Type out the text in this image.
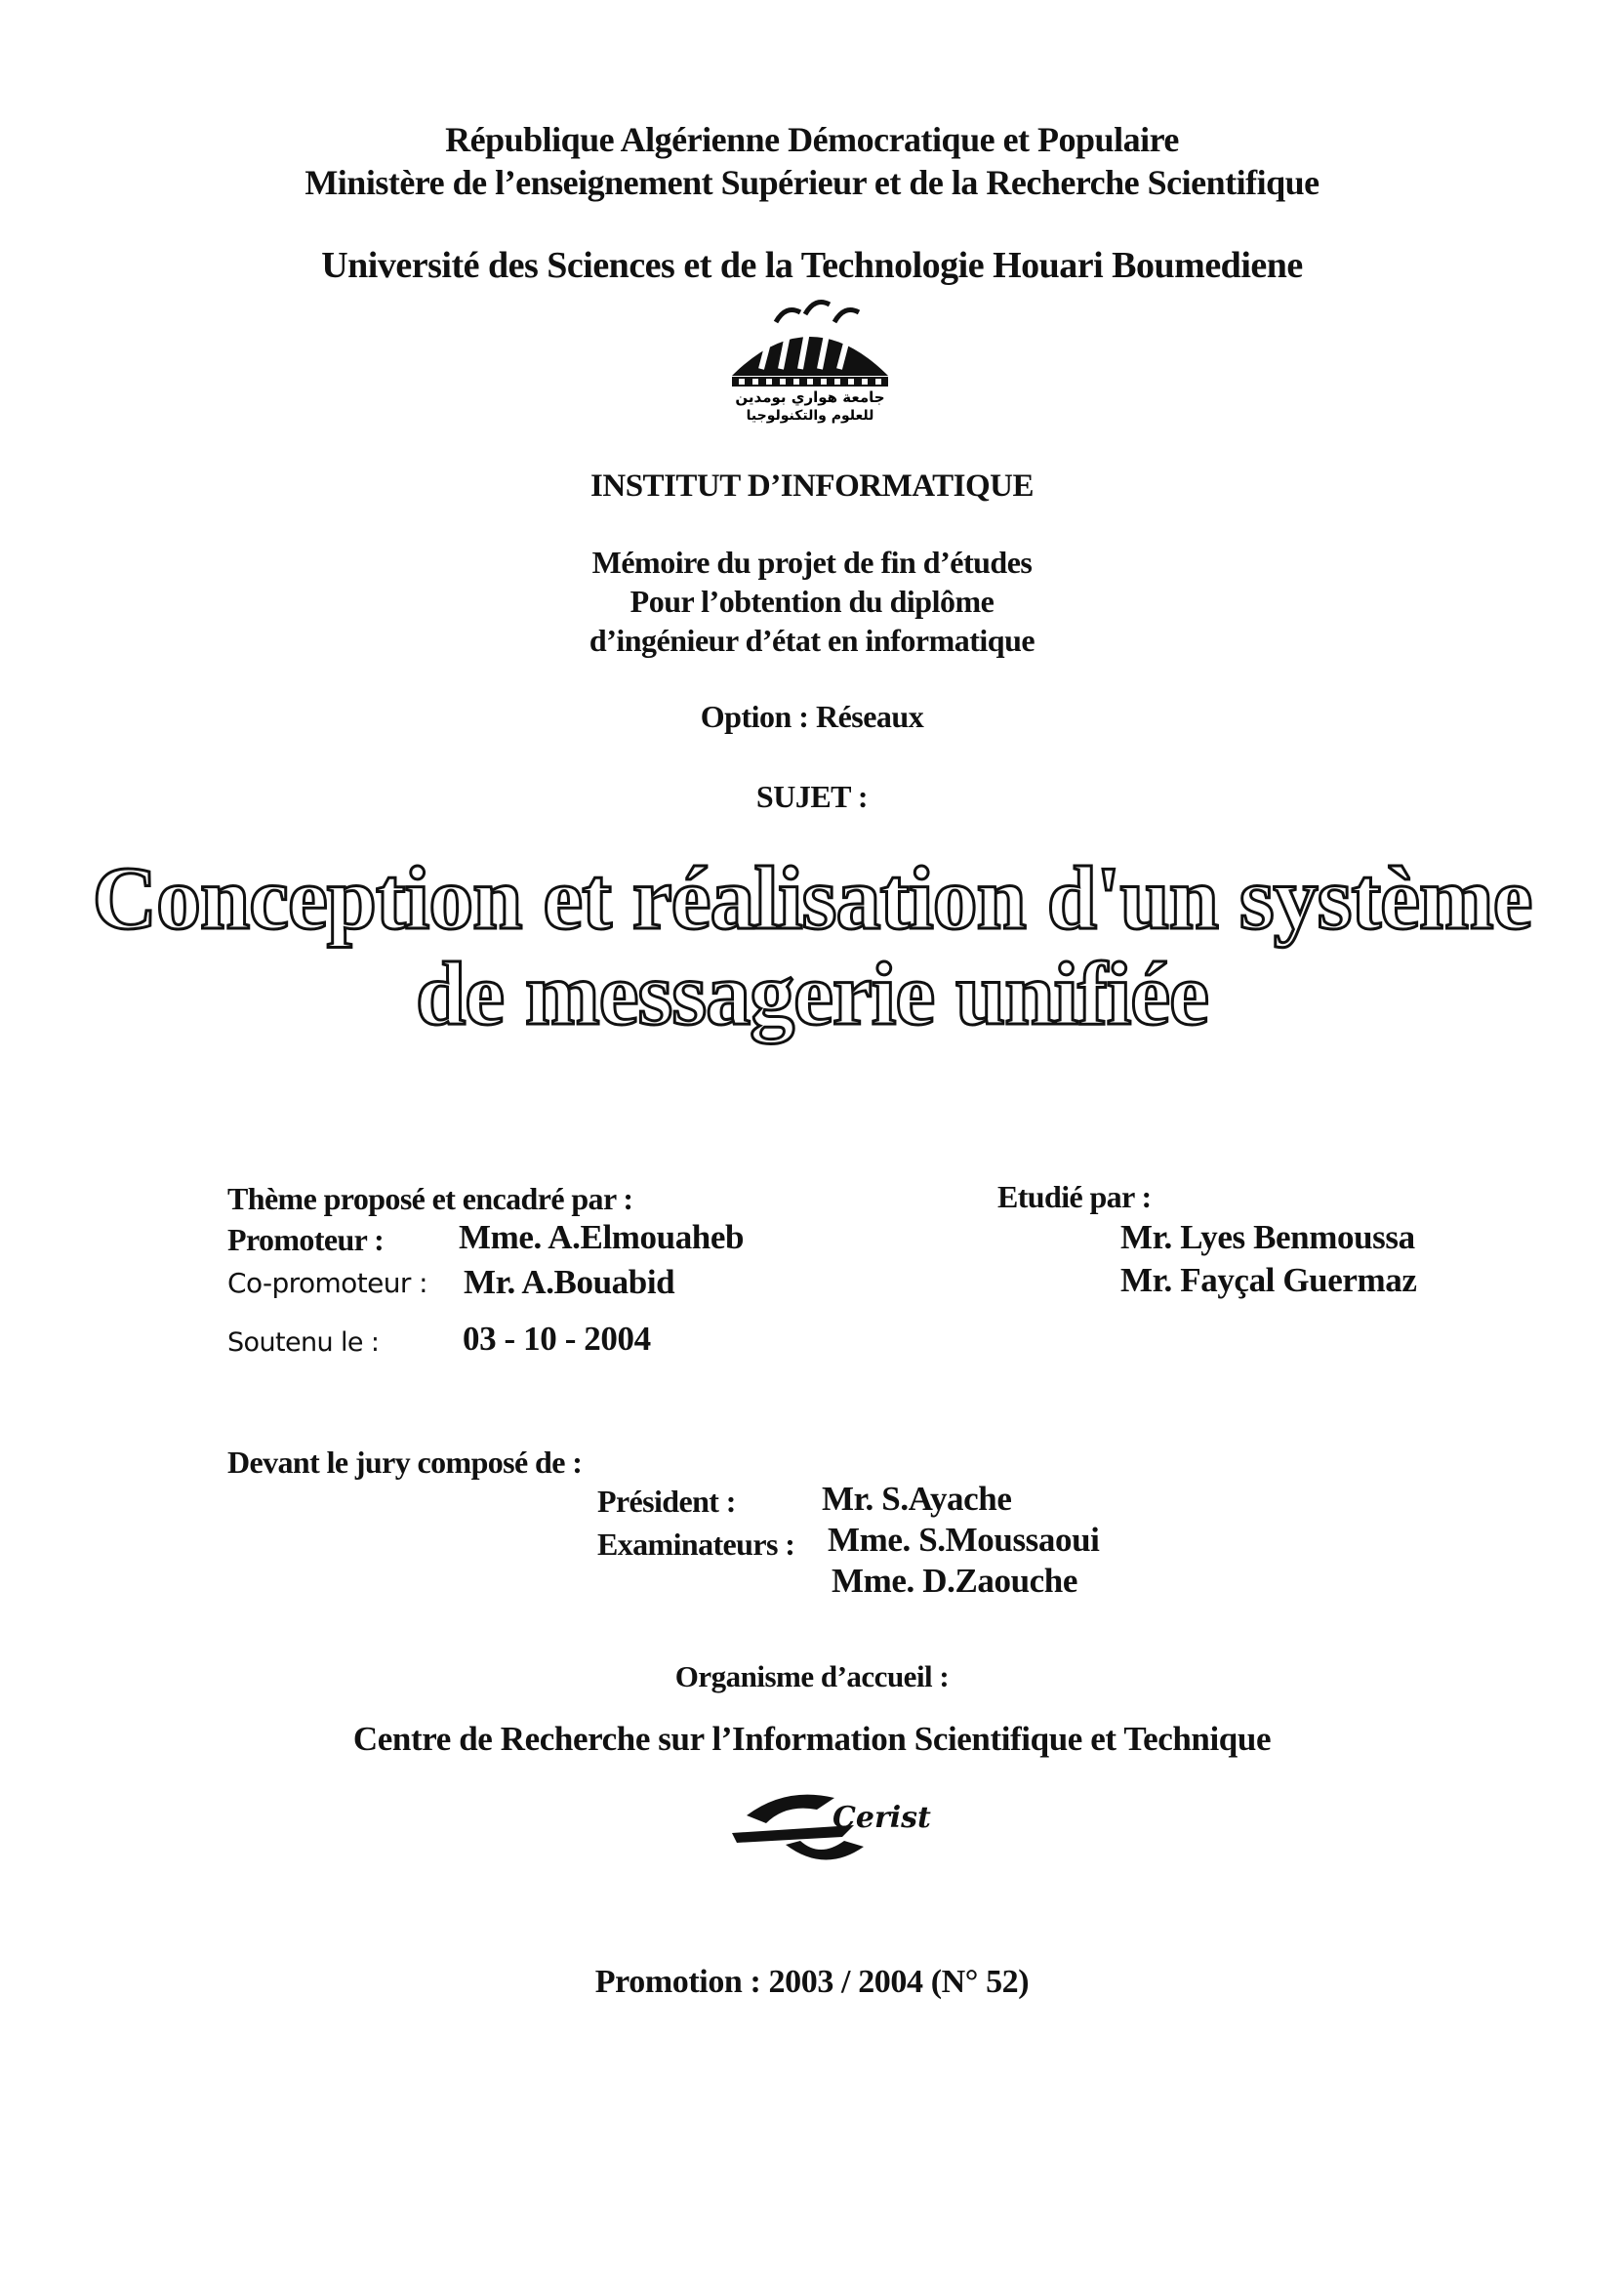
République Algérienne Démocratique et Populaire
Ministère de l’enseignement Supérieur et de la Recherche Scientifique
Université des Sciences et de la Technologie Houari Boumediene
جامعة هواري بومدين
للعلوم والتكنولوجيا
INSTITUT D’INFORMATIQUE
Mémoire du projet de fin d’études
Pour l’obtention du diplôme
d’ingénieur d’état en informatique
Option : Réseaux
SUJET :
Conception et réalisation d'un système
de messagerie unifiée
Thème proposé et encadré par :
Promoteur : Mme. A.Elmouaheb
Co-promoteur : Mr. A.Bouabid
Soutenu le : 03 - 10 - 2004
Etudié par :
Mr. Lyes Benmoussa
Mr. Fayçal Guermaz
Devant le jury composé de :
Président :	Mr. S.Ayache
Examinateurs : Mme. S.Moussaoui
Mme. D.Zaouche
Organisme d’accueil :
Centre de Recherche sur l’Information Scientifique et Technique
Cerist
Promotion : 2003 / 2004 (N° 52)
